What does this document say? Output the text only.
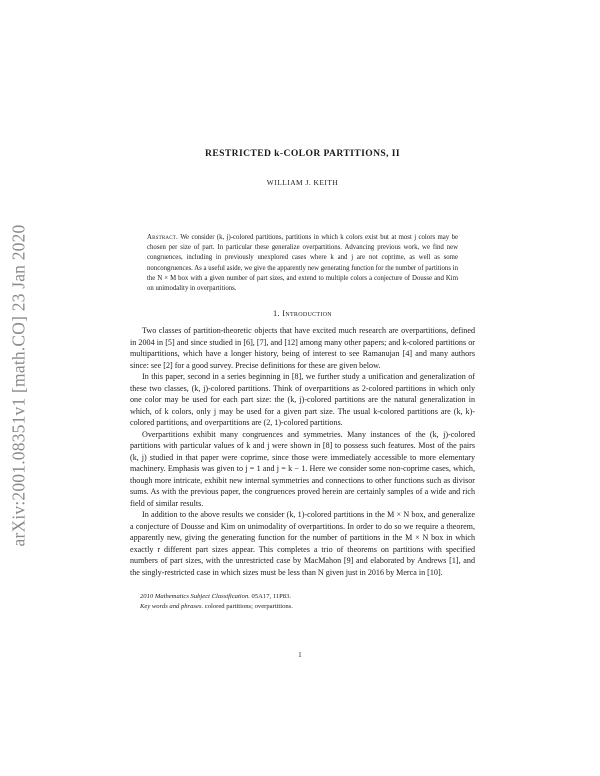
arXiv:2001.08351v1 [math.CO] 23 Jan 2020
RESTRICTED k-COLOR PARTITIONS, II
WILLIAM J. KEITH
Abstract. We consider (k, j)-colored partitions, partitions in which k colors exist but at most j colors may be chosen per size of part. In particular these generalize overpartitions. Advancing previous work, we find new congruences, including in previously unexplored cases where k and j are not coprime, as well as some noncongruences. As a useful aside, we give the apparently new generating function for the number of partitions in the N × M box with a given number of part sizes, and extend to multiple colors a conjecture of Dousse and Kim on unimodality in overpartitions.
1. Introduction

Two classes of partition-theoretic objects that have excited much research are overpartitions, defined in 2004 in [5] and since studied in [6], [7], and [12] among many other papers; and k-colored partitions or multipartitions, which have a longer history, being of interest to see Ramanujan [4] and many authors since: see [2] for a good survey. Precise definitions for these are given below.

In this paper, second in a series beginning in [8], we further study a unification and generalization of these two classes, (k, j)-colored partitions. Think of overpartitions as 2-colored partitions in which only one color may be used for each part size: the (k, j)-colored partitions are the natural generalization in which, of k colors, only j may be used for a given part size. The usual k-colored partitions are (k, k)-colored partitions, and overpartitions are (2, 1)-colored partitions.

Overpartitions exhibit many congruences and symmetries. Many instances of the (k, j)-colored partitions with particular values of k and j were shown in [8] to possess such features. Most of the pairs (k, j) studied in that paper were coprime, since those were immediately accessible to more elementary machinery. Emphasis was given to j = 1 and j = k − 1. Here we consider some non-coprime cases, which, though more intricate, exhibit new internal symmetries and connections to other functions such as divisor sums. As with the previous paper, the congruences proved herein are certainly samples of a wide and rich field of similar results.

In addition to the above results we consider (k, 1)-colored partitions in the M × N box, and generalize a conjecture of Dousse and Kim on unimodality of overpartitions. In order to do so we require a theorem, apparently new, giving the generating function for the number of partitions in the M × N box in which exactly r different part sizes appear. This completes a trio of theorems on partitions with specified numbers of part sizes, with the unrestricted case by MacMahon [9] and elaborated by Andrews [1], and the singly-restricted case in which sizes must be less than N given just in 2016 by Merca in [10].

2010 Mathematics Subject Classification. 05A17, 11P83.
Key words and phrases. colored partitions; overpartitions.
1
